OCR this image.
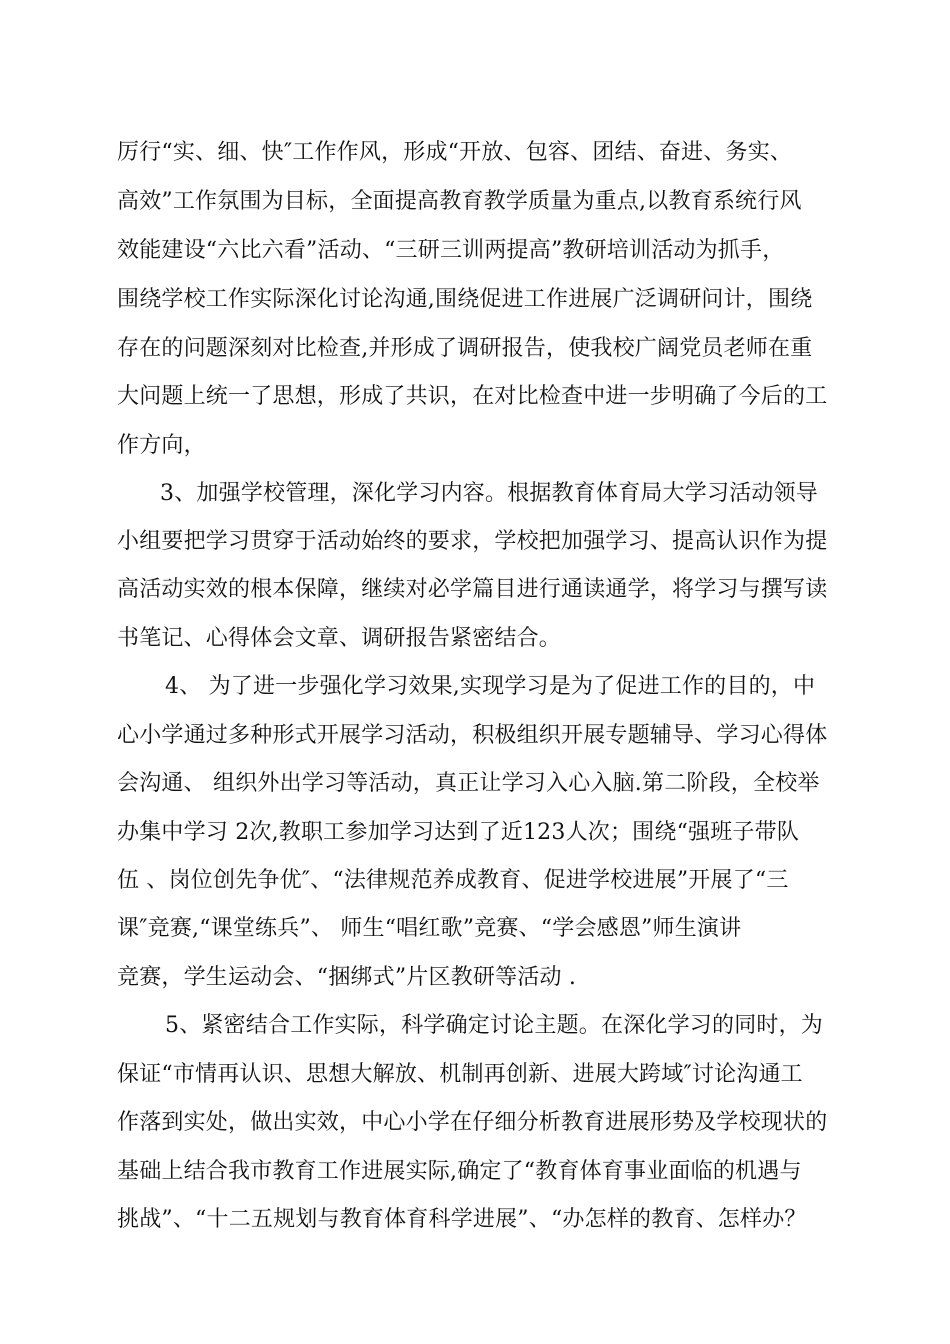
厉行“实、细、快″工作作风，形成“开放、包容、团结、奋进、务实、
高效”工作氛围为目标，全面提高教育教学质量为重点,以教育系统行风
效能建设“六比六看”活动、“三研三训两提高”教研培训活动为抓手，
围绕学校工作实际深化讨论沟通,围绕促进工作进展广泛调研问计，围绕
存在的问题深刻对比检查,并形成了调研报告，使我校广阔党员老师在重
大问题上统一了思想，形成了共识，在对比检查中进一步明确了今后的工
作方向，
3、加强学校管理，深化学习内容。根据教育体育局大学习活动领导
小组要把学习贯穿于活动始终的要求，学校把加强学习、提高认识作为提
高活动实效的根本保障，继续对必学篇目进行通读通学，将学习与撰写读
书笔记、心得体会文章、调研报告紧密结合。
4、 为了进一步强化学习效果,实现学习是为了促进工作的目的，中
心小学通过多种形式开展学习活动，积极组织开展专题辅导、学习心得体
会沟通、 组织外出学习等活动，真正让学习入心入脑.第二阶段，全校举
办集中学习 2次,教职工参加学习达到了近123人次；围绕“强班子带队
伍 、岗位创先争优″、“法律规范养成教育、促进学校进展”开展了“三
课″竞赛,“课堂练兵”、 师生“唱红歌”竞赛、“学会感恩”师生演讲
竞赛，学生运动会、“捆绑式”片区教研等活动 .
5、紧密结合工作实际，科学确定讨论主题。在深化学习的同时，为
保证“市情再认识、思想大解放、机制再创新、进展大跨域″讨论沟通工
作落到实处，做出实效，中心小学在仔细分析教育进展形势及学校现状的
基础上结合我市教育工作进展实际,确定了“教育体育事业面临的机遇与
挑战”、“十二五规划与教育体育科学进展”、“办怎样的教育、怎样办？
